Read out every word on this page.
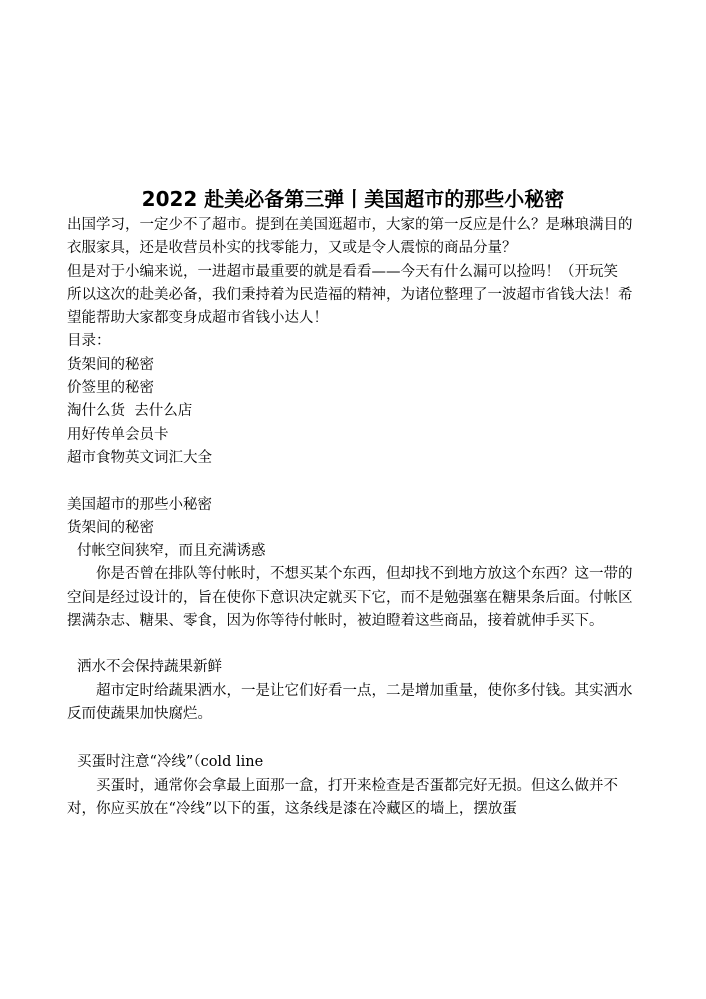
2022 赴美必备第三弹丨美国超市的那些小秘密

出国学习，一定少不了超市。提到在美国逛超市，大家的第一反应是什么？是琳琅满目的衣服家具，还是收营员朴实的找零能力，又或是令人震惊的商品分量？

但是对于小编来说，一进超市最重要的就是看看——今天有什么漏可以捡吗！（开玩笑

所以这次的赴美必备，我们秉持着为民造福的精神，为诸位整理了一波超市省钱大法！希望能帮助大家都变身成超市省钱小达人！

目录：

货架间的秘密

价签里的秘密

淘什么货  去什么店

用好传单会员卡

超市食物英文词汇大全

美国超市的那些小秘密

货架间的秘密

付帐空间狭窄，而且充满诱惑

你是否曾在排队等付帐时，不想买某个东西，但却找不到地方放这个东西？这一带的空间是经过设计的，旨在使你下意识决定就买下它，而不是勉强塞在糖果条后面。付帐区摆满杂志、糖果、零食，因为你等待付帐时，被迫瞪着这些商品，接着就伸手买下。

洒水不会保持蔬果新鲜

超市定时给蔬果洒水，一是让它们好看一点，二是增加重量，使你多付钱。其实洒水反而使蔬果加快腐烂。

买蛋时注意“冷线”（cold line

买蛋时，通常你会拿最上面那一盒，打开来检查是否蛋都完好无损。但这么做并不对，你应买放在“冷线”以下的蛋，这条线是漆在冷藏区的墙上，摆放蛋
